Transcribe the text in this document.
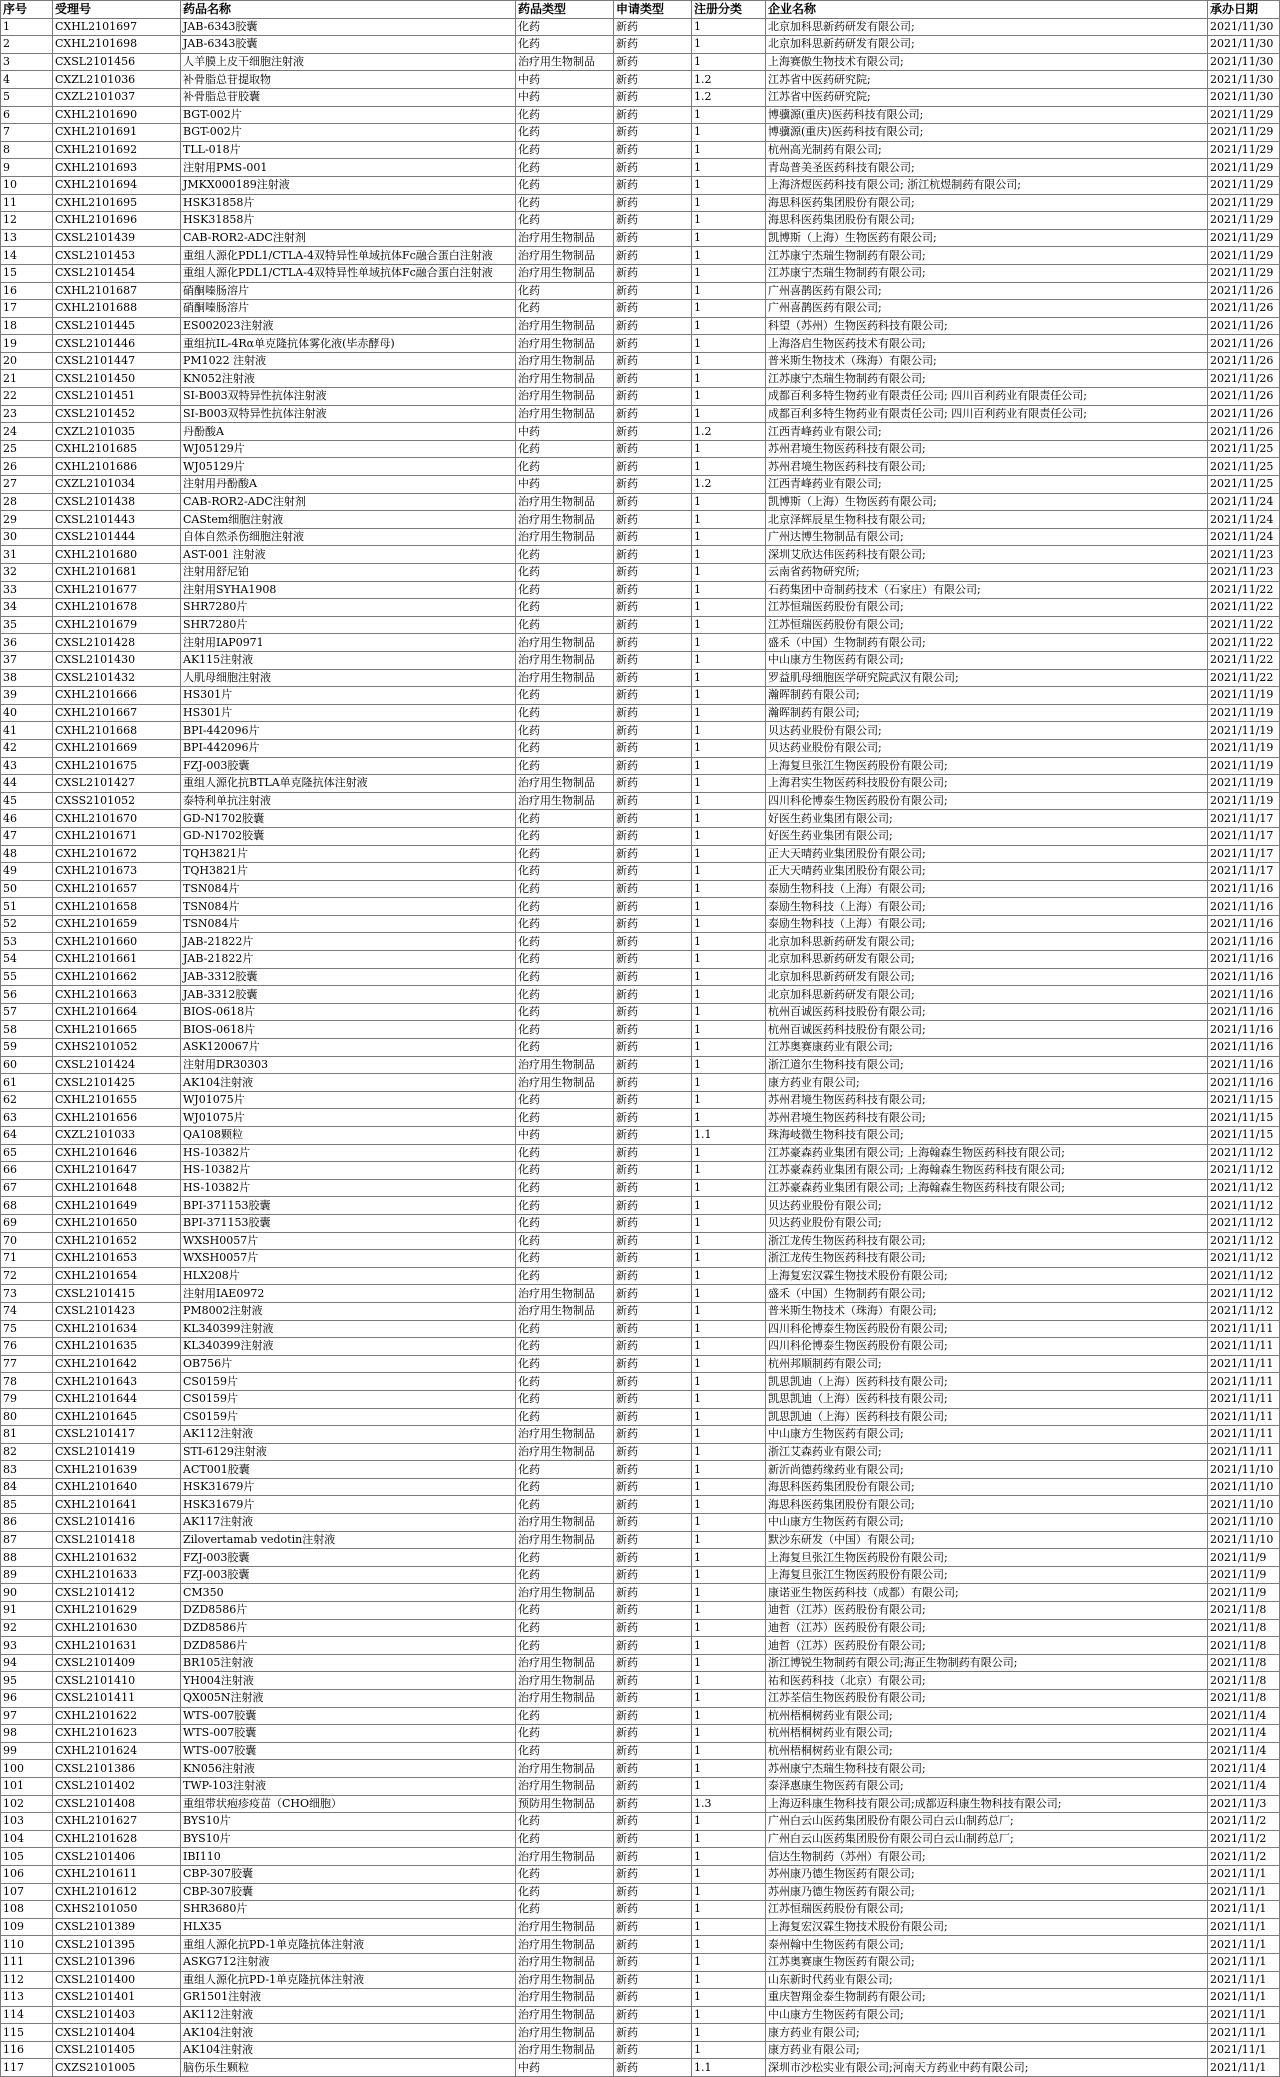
序号	受理号	药品名称	药品类型	申请类型	注册分类	企业名称	承办日期
1	CXHL2101697	JAB-6343胶囊	化药	新药	1	北京加科思新药研发有限公司;	2021/11/30
2	CXHL2101698	JAB-6343胶囊	化药	新药	1	北京加科思新药研发有限公司;	2021/11/30
3	CXSL2101456	人羊膜上皮干细胞注射液	治疗用生物制品	新药	1	上海赛傲生物技术有限公司;	2021/11/30
4	CXZL2101036	补骨脂总苷提取物	中药	新药	1.2	江苏省中医药研究院;	2021/11/30
5	CXZL2101037	补骨脂总苷胶囊	中药	新药	1.2	江苏省中医药研究院;	2021/11/30
6	CXHL2101690	BGT-002片	化药	新药	1	博骥源(重庆)医药科技有限公司;	2021/11/29
7	CXHL2101691	BGT-002片	化药	新药	1	博骥源(重庆)医药科技有限公司;	2021/11/29
8	CXHL2101692	TLL-018片	化药	新药	1	杭州高光制药有限公司;	2021/11/29
9	CXHL2101693	注射用PMS-001	化药	新药	1	青岛普美圣医药科技有限公司;	2021/11/29
10	CXHL2101694	JMKX000189注射液	化药	新药	1	上海济煜医药科技有限公司; 浙江杭煜制药有限公司;	2021/11/29
11	CXHL2101695	HSK31858片	化药	新药	1	海思科医药集团股份有限公司;	2021/11/29
12	CXHL2101696	HSK31858片	化药	新药	1	海思科医药集团股份有限公司;	2021/11/29
13	CXSL2101439	CAB-ROR2-ADC注射剂	治疗用生物制品	新药	1	凯博斯（上海）生物医药有限公司;	2021/11/29
14	CXSL2101453	重组人源化PDL1/CTLA-4双特异性单域抗体Fc融合蛋白注射液	治疗用生物制品	新药	1	江苏康宁杰瑞生物制药有限公司;	2021/11/29
15	CXSL2101454	重组人源化PDL1/CTLA-4双特异性单域抗体Fc融合蛋白注射液	治疗用生物制品	新药	1	江苏康宁杰瑞生物制药有限公司;	2021/11/29
16	CXHL2101687	硝酮嗪肠溶片	化药	新药	1	广州喜鹊医药有限公司;	2021/11/26
17	CXHL2101688	硝酮嗪肠溶片	化药	新药	1	广州喜鹊医药有限公司;	2021/11/26
18	CXSL2101445	ES002023注射液	治疗用生物制品	新药	1	科望（苏州）生物医药科技有限公司;	2021/11/26
19	CXSL2101446	重组抗IL-4Rα单克隆抗体雾化液(毕赤酵母)	治疗用生物制品	新药	1	上海洛启生物医药技术有限公司;	2021/11/26
20	CXSL2101447	PM1022 注射液	治疗用生物制品	新药	1	普米斯生物技术（珠海）有限公司;	2021/11/26
21	CXSL2101450	KN052注射液	治疗用生物制品	新药	1	江苏康宁杰瑞生物制药有限公司;	2021/11/26
22	CXSL2101451	SI-B003双特异性抗体注射液	治疗用生物制品	新药	1	成都百利多特生物药业有限责任公司; 四川百利药业有限责任公司;	2021/11/26
23	CXSL2101452	SI-B003双特异性抗体注射液	治疗用生物制品	新药	1	成都百利多特生物药业有限责任公司; 四川百利药业有限责任公司;	2021/11/26
24	CXZL2101035	丹酚酸A	中药	新药	1.2	江西青峰药业有限公司;	2021/11/26
25	CXHL2101685	WJ05129片	化药	新药	1	苏州君境生物医药科技有限公司;	2021/11/25
26	CXHL2101686	WJ05129片	化药	新药	1	苏州君境生物医药科技有限公司;	2021/11/25
27	CXZL2101034	注射用丹酚酸A	中药	新药	1.2	江西青峰药业有限公司;	2021/11/25
28	CXSL2101438	CAB-ROR2-ADC注射剂	治疗用生物制品	新药	1	凯博斯（上海）生物医药有限公司;	2021/11/24
29	CXSL2101443	CAStem细胞注射液	治疗用生物制品	新药	1	北京泽辉辰星生物科技有限公司;	2021/11/24
30	CXSL2101444	自体自然杀伤细胞注射液	治疗用生物制品	新药	1	广州达博生物制品有限公司;	2021/11/24
31	CXHL2101680	AST-001 注射液	化药	新药	1	深圳艾欣达伟医药科技有限公司;	2021/11/23
32	CXHL2101681	注射用舒尼铂	化药	新药	1	云南省药物研究所;	2021/11/23
33	CXHL2101677	注射用SYHA1908	化药	新药	1	石药集团中奇制药技术（石家庄）有限公司;	2021/11/22
34	CXHL2101678	SHR7280片	化药	新药	1	江苏恒瑞医药股份有限公司;	2021/11/22
35	CXHL2101679	SHR7280片	化药	新药	1	江苏恒瑞医药股份有限公司;	2021/11/22
36	CXSL2101428	注射用IAP0971	治疗用生物制品	新药	1	盛禾（中国）生物制药有限公司;	2021/11/22
37	CXSL2101430	AK115注射液	治疗用生物制品	新药	1	中山康方生物医药有限公司;	2021/11/22
38	CXSL2101432	人肌母细胞注射液	治疗用生物制品	新药	1	罗益肌母细胞医学研究院武汉有限公司;	2021/11/22
39	CXHL2101666	HS301片	化药	新药	1	瀚晖制药有限公司;	2021/11/19
40	CXHL2101667	HS301片	化药	新药	1	瀚晖制药有限公司;	2021/11/19
41	CXHL2101668	BPI-442096片	化药	新药	1	贝达药业股份有限公司;	2021/11/19
42	CXHL2101669	BPI-442096片	化药	新药	1	贝达药业股份有限公司;	2021/11/19
43	CXHL2101675	FZJ-003胶囊	化药	新药	1	上海复旦张江生物医药股份有限公司;	2021/11/19
44	CXSL2101427	重组人源化抗BTLA单克隆抗体注射液	治疗用生物制品	新药	1	上海君实生物医药科技股份有限公司;	2021/11/19
45	CXSS2101052	泰特利单抗注射液	治疗用生物制品	新药	1	四川科伦博泰生物医药股份有限公司;	2021/11/19
46	CXHL2101670	GD-N1702胶囊	化药	新药	1	好医生药业集团有限公司;	2021/11/17
47	CXHL2101671	GD-N1702胶囊	化药	新药	1	好医生药业集团有限公司;	2021/11/17
48	CXHL2101672	TQH3821片	化药	新药	1	正大天晴药业集团股份有限公司;	2021/11/17
49	CXHL2101673	TQH3821片	化药	新药	1	正大天晴药业集团股份有限公司;	2021/11/17
50	CXHL2101657	TSN084片	化药	新药	1	泰励生物科技（上海）有限公司;	2021/11/16
51	CXHL2101658	TSN084片	化药	新药	1	泰励生物科技（上海）有限公司;	2021/11/16
52	CXHL2101659	TSN084片	化药	新药	1	泰励生物科技（上海）有限公司;	2021/11/16
53	CXHL2101660	JAB-21822片	化药	新药	1	北京加科思新药研发有限公司;	2021/11/16
54	CXHL2101661	JAB-21822片	化药	新药	1	北京加科思新药研发有限公司;	2021/11/16
55	CXHL2101662	JAB-3312胶囊	化药	新药	1	北京加科思新药研发有限公司;	2021/11/16
56	CXHL2101663	JAB-3312胶囊	化药	新药	1	北京加科思新药研发有限公司;	2021/11/16
57	CXHL2101664	BIOS-0618片	化药	新药	1	杭州百诚医药科技股份有限公司;	2021/11/16
58	CXHL2101665	BIOS-0618片	化药	新药	1	杭州百诚医药科技股份有限公司;	2021/11/16
59	CXHS2101052	ASK120067片	化药	新药	1	江苏奥赛康药业有限公司;	2021/11/16
60	CXSL2101424	注射用DR30303	治疗用生物制品	新药	1	浙江道尔生物科技有限公司;	2021/11/16
61	CXSL2101425	AK104注射液	治疗用生物制品	新药	1	康方药业有限公司;	2021/11/16
62	CXHL2101655	WJ01075片	化药	新药	1	苏州君境生物医药科技有限公司;	2021/11/15
63	CXHL2101656	WJ01075片	化药	新药	1	苏州君境生物医药科技有限公司;	2021/11/15
64	CXZL2101033	QA108颗粒	中药	新药	1.1	珠海岐微生物科技有限公司;	2021/11/15
65	CXHL2101646	HS-10382片	化药	新药	1	江苏豪森药业集团有限公司; 上海翰森生物医药科技有限公司;	2021/11/12
66	CXHL2101647	HS-10382片	化药	新药	1	江苏豪森药业集团有限公司; 上海翰森生物医药科技有限公司;	2021/11/12
67	CXHL2101648	HS-10382片	化药	新药	1	江苏豪森药业集团有限公司; 上海翰森生物医药科技有限公司;	2021/11/12
68	CXHL2101649	BPI-371153胶囊	化药	新药	1	贝达药业股份有限公司;	2021/11/12
69	CXHL2101650	BPI-371153胶囊	化药	新药	1	贝达药业股份有限公司;	2021/11/12
70	CXHL2101652	WXSH0057片	化药	新药	1	浙江龙传生物医药科技有限公司;	2021/11/12
71	CXHL2101653	WXSH0057片	化药	新药	1	浙江龙传生物医药科技有限公司;	2021/11/12
72	CXHL2101654	HLX208片	化药	新药	1	上海复宏汉霖生物技术股份有限公司;	2021/11/12
73	CXSL2101415	注射用IAE0972	治疗用生物制品	新药	1	盛禾（中国）生物制药有限公司;	2021/11/12
74	CXSL2101423	PM8002注射液	治疗用生物制品	新药	1	普米斯生物技术（珠海）有限公司;	2021/11/12
75	CXHL2101634	KL340399注射液	化药	新药	1	四川科伦博泰生物医药股份有限公司;	2021/11/11
76	CXHL2101635	KL340399注射液	化药	新药	1	四川科伦博泰生物医药股份有限公司;	2021/11/11
77	CXHL2101642	OB756片	化药	新药	1	杭州邦顺制药有限公司;	2021/11/11
78	CXHL2101643	CS0159片	化药	新药	1	凯思凯迪（上海）医药科技有限公司;	2021/11/11
79	CXHL2101644	CS0159片	化药	新药	1	凯思凯迪（上海）医药科技有限公司;	2021/11/11
80	CXHL2101645	CS0159片	化药	新药	1	凯思凯迪（上海）医药科技有限公司;	2021/11/11
81	CXSL2101417	AK112注射液	治疗用生物制品	新药	1	中山康方生物医药有限公司;	2021/11/11
82	CXSL2101419	STI-6129注射液	治疗用生物制品	新药	1	浙江艾森药业有限公司;	2021/11/11
83	CXHL2101639	ACT001胶囊	化药	新药	1	新沂尚德药缘药业有限公司;	2021/11/10
84	CXHL2101640	HSK31679片	化药	新药	1	海思科医药集团股份有限公司;	2021/11/10
85	CXHL2101641	HSK31679片	化药	新药	1	海思科医药集团股份有限公司;	2021/11/10
86	CXSL2101416	AK117注射液	治疗用生物制品	新药	1	中山康方生物医药有限公司;	2021/11/10
87	CXSL2101418	Zilovertamab vedotin注射液	治疗用生物制品	新药	1	默沙东研发（中国）有限公司;	2021/11/10
88	CXHL2101632	FZJ-003胶囊	化药	新药	1	上海复旦张江生物医药股份有限公司;	2021/11/9
89	CXHL2101633	FZJ-003胶囊	化药	新药	1	上海复旦张江生物医药股份有限公司;	2021/11/9
90	CXSL2101412	CM350	治疗用生物制品	新药	1	康诺亚生物医药科技（成都）有限公司;	2021/11/9
91	CXHL2101629	DZD8586片	化药	新药	1	迪哲（江苏）医药股份有限公司;	2021/11/8
92	CXHL2101630	DZD8586片	化药	新药	1	迪哲（江苏）医药股份有限公司;	2021/11/8
93	CXHL2101631	DZD8586片	化药	新药	1	迪哲（江苏）医药股份有限公司;	2021/11/8
94	CXSL2101409	BR105注射液	治疗用生物制品	新药	1	浙江博锐生物制药有限公司;海正生物制药有限公司;	2021/11/8
95	CXSL2101410	YH004注射液	治疗用生物制品	新药	1	祐和医药科技（北京）有限公司;	2021/11/8
96	CXSL2101411	QX005N注射液	治疗用生物制品	新药	1	江苏荃信生物医药股份有限公司;	2021/11/8
97	CXHL2101622	WTS-007胶囊	化药	新药	1	杭州梧桐树药业有限公司;	2021/11/4
98	CXHL2101623	WTS-007胶囊	化药	新药	1	杭州梧桐树药业有限公司;	2021/11/4
99	CXHL2101624	WTS-007胶囊	化药	新药	1	杭州梧桐树药业有限公司;	2021/11/4
100	CXSL2101386	KN056注射液	治疗用生物制品	新药	1	苏州康宁杰瑞生物科技有限公司;	2021/11/4
101	CXSL2101402	TWP-103注射液	治疗用生物制品	新药	1	泰泽惠康生物医药有限公司;	2021/11/4
102	CXSL2101408	重组带状疱疹疫苗（CHO细胞）	预防用生物制品	新药	1.3	上海迈科康生物科技有限公司;成都迈科康生物科技有限公司;	2021/11/3
103	CXHL2101627	BYS10片	化药	新药	1	广州白云山医药集团股份有限公司白云山制药总厂;	2021/11/2
104	CXHL2101628	BYS10片	化药	新药	1	广州白云山医药集团股份有限公司白云山制药总厂;	2021/11/2
105	CXSL2101406	IBI110	治疗用生物制品	新药	1	信达生物制药（苏州）有限公司;	2021/11/2
106	CXHL2101611	CBP-307胶囊	化药	新药	1	苏州康乃德生物医药有限公司;	2021/11/1
107	CXHL2101612	CBP-307胶囊	化药	新药	1	苏州康乃德生物医药有限公司;	2021/11/1
108	CXHS2101050	SHR3680片	化药	新药	1	江苏恒瑞医药股份有限公司;	2021/11/1
109	CXSL2101389	HLX35	治疗用生物制品	新药	1	上海复宏汉霖生物技术股份有限公司;	2021/11/1
110	CXSL2101395	重组人源化抗PD-1单克隆抗体注射液	治疗用生物制品	新药	1	泰州翰中生物医药有限公司;	2021/11/1
111	CXSL2101396	ASKG712注射液	治疗用生物制品	新药	1	江苏奥赛康生物医药有限公司;	2021/11/1
112	CXSL2101400	重组人源化抗PD-1单克隆抗体注射液	治疗用生物制品	新药	1	山东新时代药业有限公司;	2021/11/1
113	CXSL2101401	GR1501注射液	治疗用生物制品	新药	1	重庆智翔金泰生物制药有限公司;	2021/11/1
114	CXSL2101403	AK112注射液	治疗用生物制品	新药	1	中山康方生物医药有限公司;	2021/11/1
115	CXSL2101404	AK104注射液	治疗用生物制品	新药	1	康方药业有限公司;	2021/11/1
116	CXSL2101405	AK104注射液	治疗用生物制品	新药	1	康方药业有限公司;	2021/11/1
117	CXZS2101005	脑伤乐生颗粒	中药	新药	1.1	深圳市沙松实业有限公司;河南天方药业中药有限公司;	2021/11/1
